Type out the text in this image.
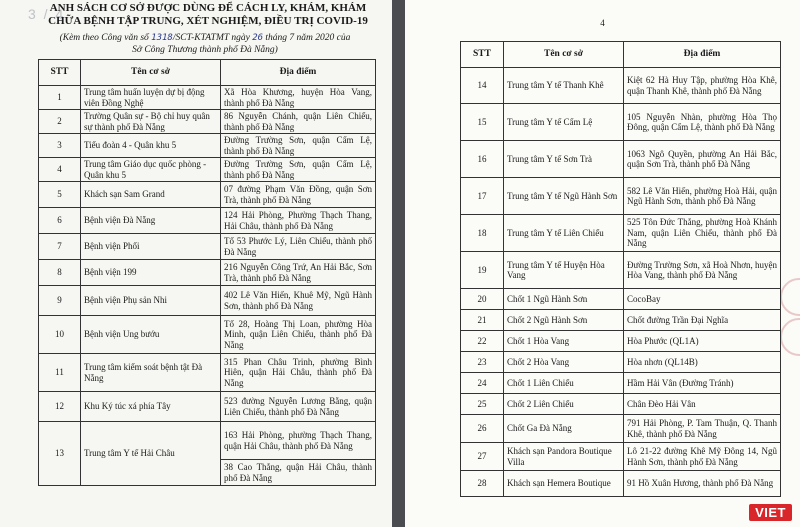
3 / 4
ANH SÁCH CƠ SỞ ĐƯỢC DÙNG ĐỂ CÁCH LY, KHÁM, KHÁM
CHỮA BỆNH TẬP TRUNG, XÉT NGHIỆM, ĐIỀU TRỊ COVID-19
(Kèm theo Công văn số 1318/SCT-KTATMT ngày 26 tháng 7 năm 2020 của
Sở Công Thương thành phố Đà Nẵng)
STT	Tên cơ sở	Địa điểm
1	Trung tâm huấn luyện dự bị động viên Đồng Nghệ	Xã Hòa Khương, huyện Hòa Vang, thành phố Đà Nẵng
2	Trường Quân sự - Bộ chỉ huy quân sự thành phố Đà Nẵng	86 Nguyễn Chánh, quận Liên Chiểu, thành phố Đà Nẵng
3	Tiểu đoàn 4 - Quân khu 5	Đường Trường Sơn, quận Cẩm Lệ, thành phố Đà Nẵng
4	Trung tâm Giáo dục quốc phòng - Quân khu 5	Đường Trường Sơn, quận Cẩm Lệ, thành phố Đà Nẵng
5	Khách sạn Sam Grand	07 đường Phạm Văn Đồng, quận Sơn Trà, thành phố Đà Nẵng
6	Bệnh viện Đà Nẵng	124 Hải Phòng, Phường Thạch Thang, Hải Châu, thành phố Đà Nẵng
7	Bệnh viện Phổi	Tổ 53 Phước Lý, Liên Chiểu, thành phố Đà Nẵng
8	Bệnh viện 199	216 Nguyễn Công Trứ, An Hải Bắc, Sơn Trà, thành phố Đà Nẵng
9	Bệnh viện Phụ sản Nhi	402 Lê Văn Hiến, Khuê Mỹ, Ngũ Hành Sơn, thành phố Đà Nẵng
10	Bệnh viện Ung bướu	Tổ 28, Hoàng Thị Loan, phường Hòa Minh, quận Liên Chiểu, thành phố Đà Nẵng
11	Trung tâm kiểm soát bệnh tật Đà Nẵng	315 Phan Châu Trinh, phường Bình Hiên, quận Hải Châu, thành phố Đà Nẵng
12	Khu Ký túc xá phía Tây	523 đường Nguyễn Lương Bằng, quận Liên Chiểu, thành phố Đà Nẵng
13	Trung tâm Y tế Hải Châu	163 Hải Phòng, phường Thạch Thang, quận Hải Châu, thành phố Đà Nẵng
		38 Cao Thắng, quận Hải Châu, thành phố Đà Nẵng
4
STT	Tên cơ sở	Địa điểm
14	Trung tâm Y tế Thanh Khê	Kiệt 62 Hà Huy Tập, phường Hòa Khê, quận Thanh Khê, thành phố Đà Nẵng
15	Trung tâm Y tế Cẩm Lệ	105 Nguyễn Nhàn, phường Hòa Thọ Đông, quận Cẩm Lệ, thành phố Đà Nẵng
16	Trung tâm Y tế Sơn Trà	1063 Ngô Quyền, phường An Hải Bắc, quận Sơn Trà, thành phố Đà Nẵng
17	Trung tâm Y tế Ngũ Hành Sơn	582 Lê Văn Hiến, phường Hoà Hải, quận Ngũ Hành Sơn, thành phố Đà Nẵng
18	Trung tâm Y tế Liên Chiểu	525 Tôn Đức Thắng, phường Hoà Khánh Nam, quận Liên Chiểu, thành phố Đà Nẵng
19	Trung tâm Y tế Huyện Hòa Vang	Đường Trường Sơn, xã Hoà Nhơn, huyện Hòa Vang, thành phố Đà Nẵng
20	Chốt 1 Ngũ Hành Sơn	CocoBay
21	Chốt 2 Ngũ Hành Sơn	Chốt đường Trần Đại Nghĩa
22	Chốt 1 Hòa Vang	Hòa Phước (QL1A)
23	Chốt 2 Hòa Vang	Hòa nhơn (QL14B)
24	Chốt 1 Liên Chiểu	Hầm Hải Vân (Đường Tránh)
25	Chốt 2 Liên Chiểu	Chân Đèo Hải Vân
26	Chốt Ga Đà Nẵng	791 Hải Phòng, P. Tam Thuận, Q. Thanh Khê, thành phố Đà Nẵng
27	Khách sạn Pandora Boutique Villa	Lô 21-22 đường Khê Mỹ Đông 14, Ngũ Hành Sơn, thành phố Đà Nẵng
28	Khách sạn Hemera Boutique	91 Hồ Xuân Hương, thành phố Đà Nẵng
VIET
